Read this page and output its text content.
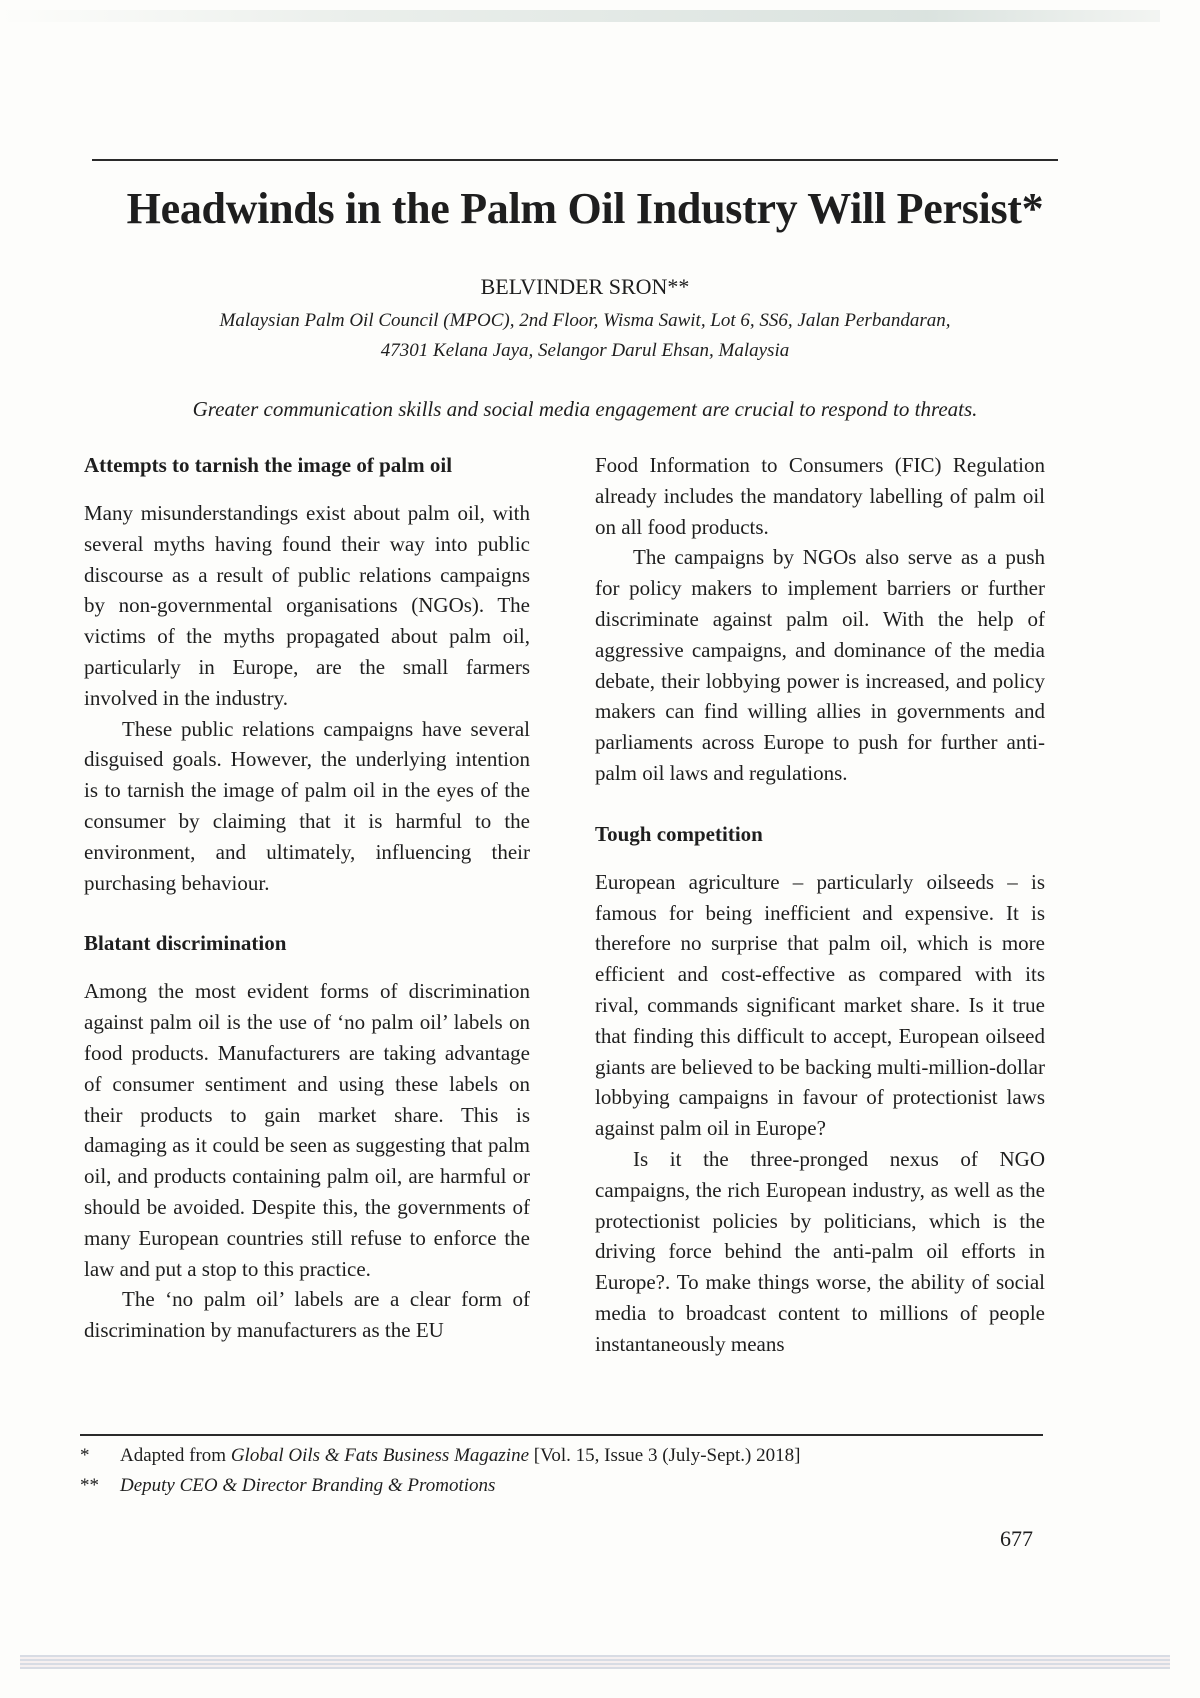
Headwinds in the Palm Oil Industry Will Persist*
BELVINDER SRON**
Malaysian Palm Oil Council (MPOC), 2nd Floor, Wisma Sawit, Lot 6, SS6, Jalan Perbandaran,
47301 Kelana Jaya, Selangor Darul Ehsan, Malaysia
Greater communication skills and social media engagement are crucial to respond to threats.
Attempts to tarnish the image of palm oil

Many misunderstandings exist about palm oil, with several myths having found their way into public discourse as a result of public relations campaigns by non-governmental organisations (NGOs). The victims of the myths propagated about palm oil, particularly in Europe, are the small farmers involved in the industry.

These public relations campaigns have several disguised goals. However, the underlying intention is to tarnish the image of palm oil in the eyes of the consumer by claiming that it is harmful to the environment, and ultimately, influencing their purchasing behaviour.

Blatant discrimination

Among the most evident forms of discrimination against palm oil is the use of ‘no palm oil’ labels on food products. Manufacturers are taking advantage of consumer sentiment and using these labels on their products to gain market share. This is damaging as it could be seen as suggesting that palm oil, and products containing palm oil, are harmful or should be avoided. Despite this, the governments of many European countries still refuse to enforce the law and put a stop to this practice.

The ‘no palm oil’ labels are a clear form of discrimination by manufacturers as the EU

Food Information to Consumers (FIC) Regulation already includes the mandatory labelling of palm oil on all food products.

The campaigns by NGOs also serve as a push for policy makers to implement barriers or further discriminate against palm oil. With the help of aggressive campaigns, and dominance of the media debate, their lobbying power is increased, and policy makers can find willing allies in governments and parliaments across Europe to push for further anti-palm oil laws and regulations.

Tough competition

European agriculture – particularly oilseeds – is famous for being inefficient and expensive. It is therefore no surprise that palm oil, which is more efficient and cost-effective as compared with its rival, commands significant market share. Is it true that finding this difficult to accept, European oilseed giants are believed to be backing multi-million-dollar lobbying campaigns in favour of protectionist laws against palm oil in Europe?

Is it the three-pronged nexus of NGO campaigns, the rich European industry, as well as the protectionist policies by politicians, which is the driving force behind the anti-palm oil efforts in Europe?. To make things worse, the ability of social media to broadcast content to millions of people instantaneously means

*	Adapted from Global Oils & Fats Business Magazine [Vol. 15, Issue 3 (July-Sept.) 2018]
**	Deputy CEO & Director Branding & Promotions
677
